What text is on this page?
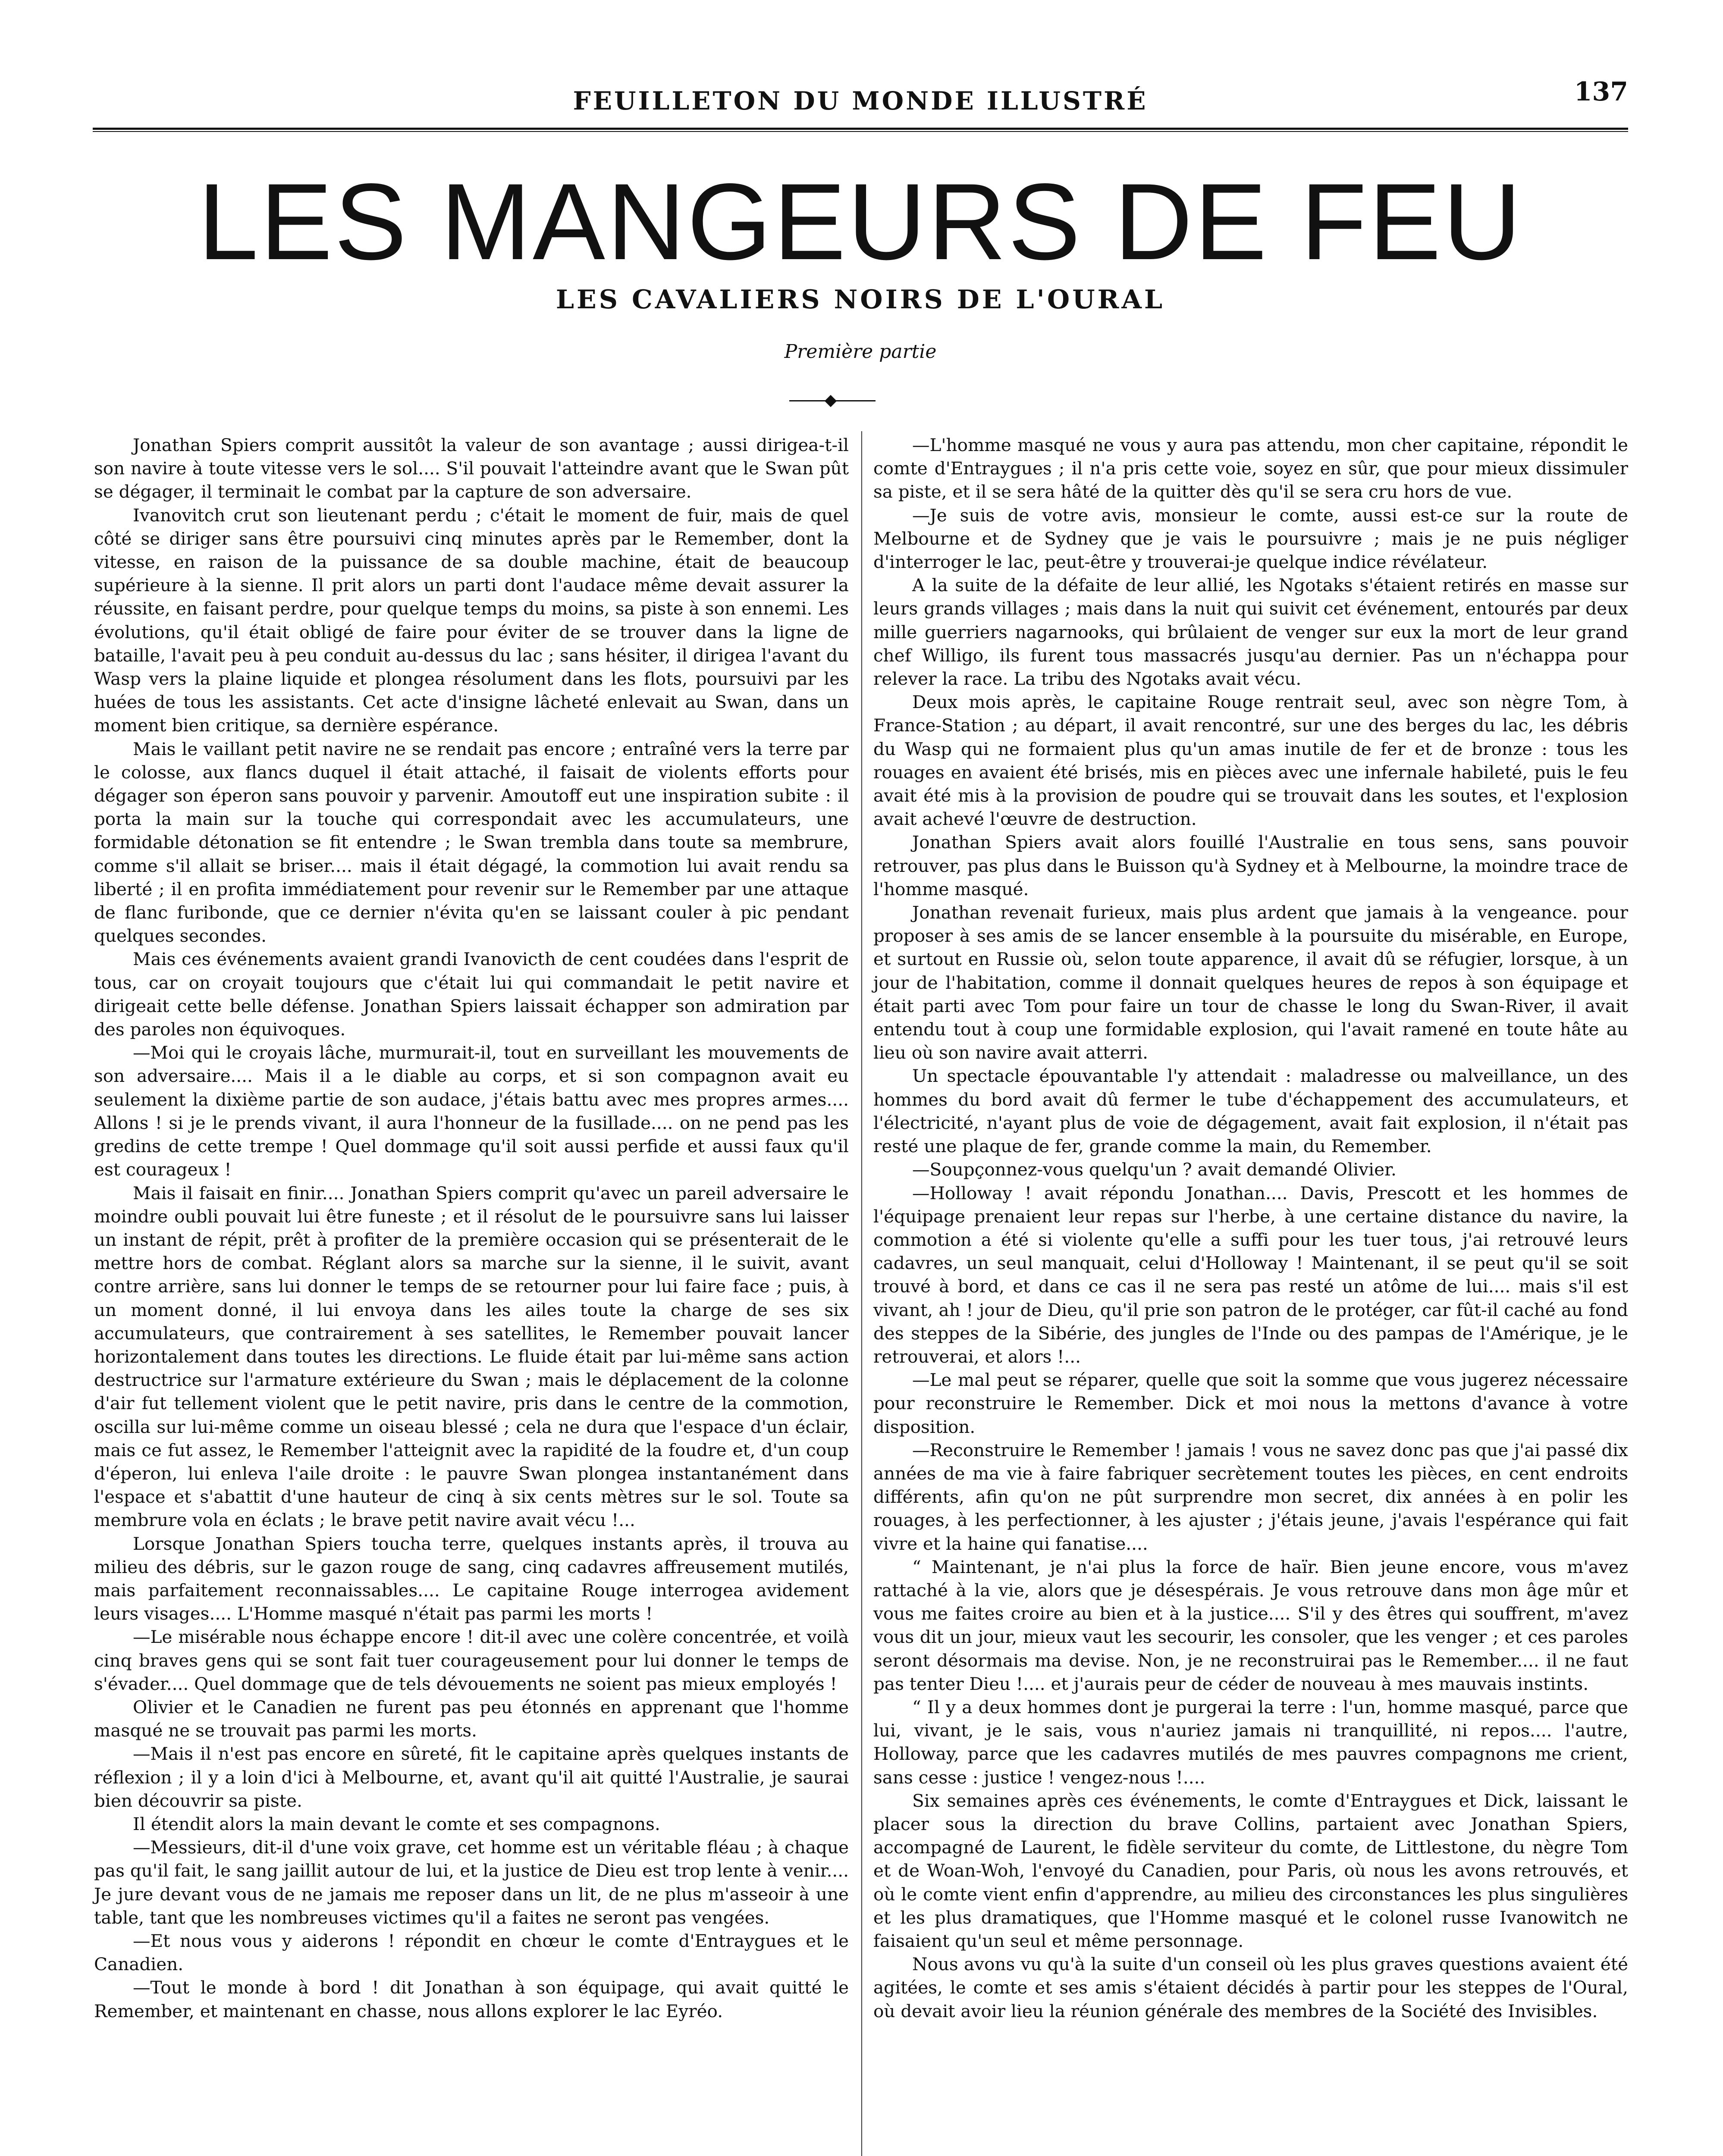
FEUILLETON DU MONDE ILLUSTRÉ	137
LES MANGEURS DE FEU
LES CAVALIERS NOIRS DE L'OURAL
Première partie

Jonathan Spiers comprit aussitôt la valeur de son avantage ; aussi dirigea-t-il son navire à toute vitesse vers le sol.... S'il pouvait l'atteindre avant que le Swan pût se dégager, il terminait le combat par la capture de son adversaire.

Ivanovitch crut son lieutenant perdu ; c'était le moment de fuir, mais de quel côté se diriger sans être poursuivi cinq minutes après par le Remember, dont la vitesse, en raison de la puissance de sa double machine, était de beaucoup supérieure à la sienne. Il prit alors un parti dont l'audace même devait assurer la réussite, en faisant perdre, pour quelque temps du moins, sa piste à son ennemi. Les évolutions, qu'il était obligé de faire pour éviter de se trouver dans la ligne de bataille, l'avait peu à peu conduit au-dessus du lac ; sans hésiter, il dirigea l'avant du Wasp vers la plaine liquide et plongea résolument dans les flots, poursuivi par les huées de tous les assistants. Cet acte d'insigne lâcheté enlevait au Swan, dans un moment bien critique, sa dernière espérance.

Mais le vaillant petit navire ne se rendait pas encore ; entraîné vers la terre par le colosse, aux flancs duquel il était attaché, il faisait de violents efforts pour dégager son éperon sans pouvoir y parvenir. Amoutoff eut une inspiration subite : il porta la main sur la touche qui correspondait avec les accumulateurs, une formidable détonation se fit entendre ; le Swan trembla dans toute sa membrure, comme s'il allait se briser.... mais il était dégagé, la commotion lui avait rendu sa liberté ; il en profita immédiatement pour revenir sur le Remember par une attaque de flanc furibonde, que ce dernier n'évita qu'en se laissant couler à pic pendant quelques secondes.

Mais ces événements avaient grandi Ivanovicth de cent coudées dans l'esprit de tous, car on croyait toujours que c'était lui qui commandait le petit navire et dirigeait cette belle défense. Jonathan Spiers laissait échapper son admiration par des paroles non équivoques.

—Moi qui le croyais lâche, murmurait-il, tout en surveillant les mouvements de son adversaire.... Mais il a le diable au corps, et si son compagnon avait eu seulement la dixième partie de son audace, j'étais battu avec mes propres armes.... Allons ! si je le prends vivant, il aura l'honneur de la fusillade.... on ne pend pas les gredins de cette trempe ! Quel dommage qu'il soit aussi perfide et aussi faux qu'il est courageux !

Mais il faisait en finir.... Jonathan Spiers comprit qu'avec un pareil adversaire le moindre oubli pouvait lui être funeste ; et il résolut de le poursuivre sans lui laisser un instant de répit, prêt à profiter de la première occasion qui se présenterait de le mettre hors de combat. Réglant alors sa marche sur la sienne, il le suivit, avant contre arrière, sans lui donner le temps de se retourner pour lui faire face ; puis, à un moment donné, il lui envoya dans les ailes toute la charge de ses six accumulateurs, que contrairement à ses satellites, le Remember pouvait lancer horizontalement dans toutes les directions. Le fluide était par lui-même sans action destructrice sur l'armature extérieure du Swan ; mais le déplacement de la colonne d'air fut tellement violent que le petit navire, pris dans le centre de la commotion, oscilla sur lui-même comme un oiseau blessé ; cela ne dura que l'espace d'un éclair, mais ce fut assez, le Remember l'atteignit avec la rapidité de la foudre et, d'un coup d'éperon, lui enleva l'aile droite : le pauvre Swan plongea instantanément dans l'espace et s'abattit d'une hauteur de cinq à six cents mètres sur le sol. Toute sa membrure vola en éclats ; le brave petit navire avait vécu !...

Lorsque Jonathan Spiers toucha terre, quelques instants après, il trouva au milieu des débris, sur le gazon rouge de sang, cinq cadavres affreusement mutilés, mais parfaitement reconnaissables.... Le capitaine Rouge interrogea avidement leurs visages.... L'Homme masqué n'était pas parmi les morts !

—Le misérable nous échappe encore ! dit-il avec une colère concentrée, et voilà cinq braves gens qui se sont fait tuer courageusement pour lui donner le temps de s'évader.... Quel dommage que de tels dévouements ne soient pas mieux employés !

Olivier et le Canadien ne furent pas peu étonnés en apprenant que l'homme masqué ne se trouvait pas parmi les morts.

—Mais il n'est pas encore en sûreté, fit le capitaine après quelques instants de réflexion ; il y a loin d'ici à Melbourne, et, avant qu'il ait quitté l'Australie, je saurai bien découvrir sa piste.

Il étendit alors la main devant le comte et ses compagnons.

—Messieurs, dit-il d'une voix grave, cet homme est un véritable fléau ; à chaque pas qu'il fait, le sang jaillit autour de lui, et la justice de Dieu est trop lente à venir.... Je jure devant vous de ne jamais me reposer dans un lit, de ne plus m'asseoir à une table, tant que les nombreuses victimes qu'il a faites ne seront pas vengées.

—Et nous vous y aiderons ! répondit en chœur le comte d'Entraygues et le Canadien.

—Tout le monde à bord ! dit Jonathan à son équipage, qui avait quitté le Remember, et maintenant en chasse, nous allons explorer le lac Eyréo.

—L'homme masqué ne vous y aura pas attendu, mon cher capitaine, répondit le comte d'Entraygues ; il n'a pris cette voie, soyez en sûr, que pour mieux dissimuler sa piste, et il se sera hâté de la quitter dès qu'il se sera cru hors de vue.

—Je suis de votre avis, monsieur le comte, aussi est-ce sur la route de Melbourne et de Sydney que je vais le poursuivre ; mais je ne puis négliger d'interroger le lac, peut-être y trouverai-je quelque indice révélateur.

A la suite de la défaite de leur allié, les Ngotaks s'étaient retirés en masse sur leurs grands villages ; mais dans la nuit qui suivit cet événement, entourés par deux mille guerriers nagarnooks, qui brûlaient de venger sur eux la mort de leur grand chef Willigo, ils furent tous massacrés jusqu'au dernier. Pas un n'échappa pour relever la race. La tribu des Ngotaks avait vécu.

Deux mois après, le capitaine Rouge rentrait seul, avec son nègre Tom, à France-Station ; au départ, il avait rencontré, sur une des berges du lac, les débris du Wasp qui ne formaient plus qu'un amas inutile de fer et de bronze : tous les rouages en avaient été brisés, mis en pièces avec une infernale habileté, puis le feu avait été mis à la provision de poudre qui se trouvait dans les soutes, et l'explosion avait achevé l'œuvre de destruction.

Jonathan Spiers avait alors fouillé l'Australie en tous sens, sans pouvoir retrouver, pas plus dans le Buisson qu'à Sydney et à Melbourne, la moindre trace de l'homme masqué.

Jonathan revenait furieux, mais plus ardent que jamais à la vengeance. pour proposer à ses amis de se lancer ensemble à la poursuite du misérable, en Europe, et surtout en Russie où, selon toute apparence, il avait dû se réfugier, lorsque, à un jour de l'habitation, comme il donnait quelques heures de repos à son équipage et était parti avec Tom pour faire un tour de chasse le long du Swan-River, il avait entendu tout à coup une formidable explosion, qui l'avait ramené en toute hâte au lieu où son navire avait atterri.

Un spectacle épouvantable l'y attendait : maladresse ou malveillance, un des hommes du bord avait dû fermer le tube d'échappement des accumulateurs, et l'électricité, n'ayant plus de voie de dégagement, avait fait explosion, il n'était pas resté une plaque de fer, grande comme la main, du Remember.

—Soupçonnez-vous quelqu'un ? avait demandé Olivier.

—Holloway ! avait répondu Jonathan.... Davis, Prescott et les hommes de l'équipage prenaient leur repas sur l'herbe, à une certaine distance du navire, la commotion a été si violente qu'elle a suffi pour les tuer tous, j'ai retrouvé leurs cadavres, un seul manquait, celui d'Holloway ! Maintenant, il se peut qu'il se soit trouvé à bord, et dans ce cas il ne sera pas resté un atôme de lui.... mais s'il est vivant, ah ! jour de Dieu, qu'il prie son patron de le protéger, car fût-il caché au fond des steppes de la Sibérie, des jungles de l'Inde ou des pampas de l'Amérique, je le retrouverai, et alors !...

—Le mal peut se réparer, quelle que soit la somme que vous jugerez nécessaire pour reconstruire le Remember. Dick et moi nous la mettons d'avance à votre disposition.

—Reconstruire le Remember ! jamais ! vous ne savez donc pas que j'ai passé dix années de ma vie à faire fabriquer secrètement toutes les pièces, en cent endroits différents, afin qu'on ne pût surprendre mon secret, dix années à en polir les rouages, à les perfectionner, à les ajuster ; j'étais jeune, j'avais l'espérance qui fait vivre et la haine qui fanatise....

“ Maintenant, je n'ai plus la force de haïr. Bien jeune encore, vous m'avez rattaché à la vie, alors que je désespérais. Je vous retrouve dans mon âge mûr et vous me faites croire au bien et à la justice.... S'il y des êtres qui souffrent, m'avez vous dit un jour, mieux vaut les secourir, les consoler, que les venger ; et ces paroles seront désormais ma devise. Non, je ne reconstruirai pas le Remember.... il ne faut pas tenter Dieu !.... et j'aurais peur de céder de nouveau à mes mauvais instints.

“ Il y a deux hommes dont je purgerai la terre : l'un, homme masqué, parce que lui, vivant, je le sais, vous n'auriez jamais ni tranquillité, ni repos.... l'autre, Holloway, parce que les cadavres mutilés de mes pauvres compagnons me crient, sans cesse : justice ! vengez-nous !....

Six semaines après ces événements, le comte d'Entraygues et Dick, laissant le placer sous la direction du brave Collins, partaient avec Jonathan Spiers, accompagné de Laurent, le fidèle serviteur du comte, de Littlestone, du nègre Tom et de Woan-Woh, l'envoyé du Canadien, pour Paris, où nous les avons retrouvés, et où le comte vient enfin d'apprendre, au milieu des circonstances les plus singulières et les plus dramatiques, que l'Homme masqué et le colonel russe Ivanowitch ne faisaient qu'un seul et même personnage.

Nous avons vu qu'à la suite d'un conseil où les plus graves questions avaient été agitées, le comte et ses amis s'étaient décidés à partir pour les steppes de l'Oural, où devait avoir lieu la réunion générale des membres de la Société des Invisibles.
